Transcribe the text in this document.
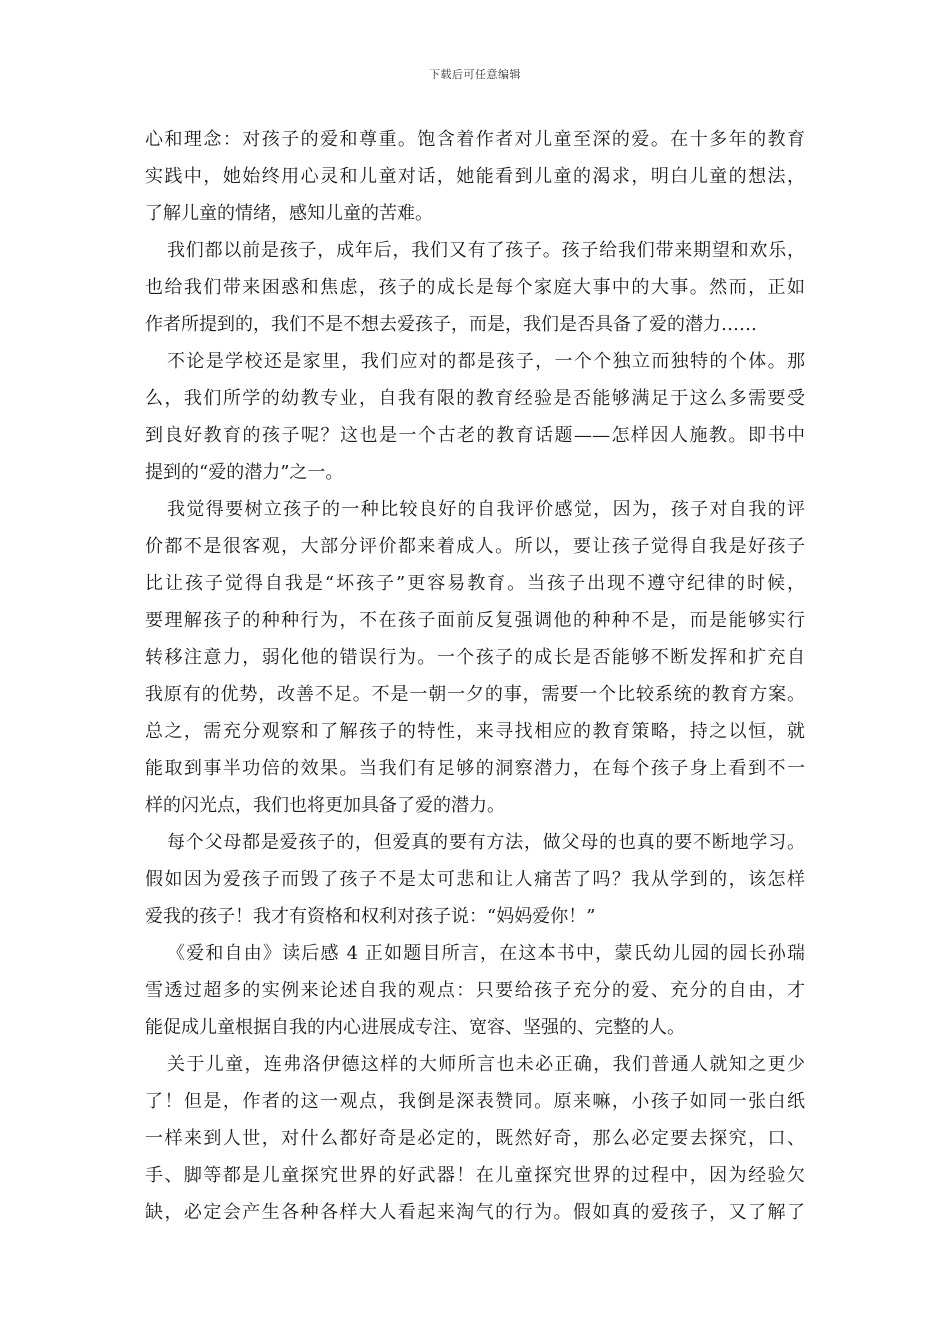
下载后可任意编辑
心和理念：对孩子的爱和尊重。饱含着作者对儿童至深的爱。在十多年的教育
实践中，她始终用心灵和儿童对话，她能看到儿童的渴求，明白儿童的想法，
了解儿童的情绪，感知儿童的苦难。
我们都以前是孩子，成年后，我们又有了孩子。孩子给我们带来期望和欢乐，
也给我们带来困惑和焦虑，孩子的成长是每个家庭大事中的大事。然而，正如
作者所提到的，我们不是不想去爱孩子，而是，我们是否具备了爱的潜力……
不论是学校还是家里，我们应对的都是孩子，一个个独立而独特的个体。那
么，我们所学的幼教专业，自我有限的教育经验是否能够满足于这么多需要受
到良好教育的孩子呢？这也是一个古老的教育话题——怎样因人施教。即书中
提到的“爱的潜力”之一。
我觉得要树立孩子的一种比较良好的自我评价感觉，因为，孩子对自我的评
价都不是很客观，大部分评价都来着成人。所以，要让孩子觉得自我是好孩子
比让孩子觉得自我是“坏孩子”更容易教育。当孩子出现不遵守纪律的时候，
要理解孩子的种种行为，不在孩子面前反复强调他的种种不是，而是能够实行
转移注意力，弱化他的错误行为。一个孩子的成长是否能够不断发挥和扩充自
我原有的优势，改善不足。不是一朝一夕的事，需要一个比较系统的教育方案。
总之，需充分观察和了解孩子的特性，来寻找相应的教育策略，持之以恒，就
能取到事半功倍的效果。当我们有足够的洞察潜力，在每个孩子身上看到不一
样的闪光点，我们也将更加具备了爱的潜力。
每个父母都是爱孩子的，但爱真的要有方法，做父母的也真的要不断地学习。
假如因为爱孩子而毁了孩子不是太可悲和让人痛苦了吗？我从学到的，该怎样
爱我的孩子！我才有资格和权利对孩子说：“妈妈爱你！”
《爱和自由》读后感 4 正如题目所言，在这本书中，蒙氏幼儿园的园长孙瑞
雪透过超多的实例来论述自我的观点：只要给孩子充分的爱、充分的自由，才
能促成儿童根据自我的内心进展成专注、宽容、坚强的、完整的人。
关于儿童，连弗洛伊德这样的大师所言也未必正确，我们普通人就知之更少
了！但是，作者的这一观点，我倒是深表赞同。原来嘛，小孩子如同一张白纸
一样来到人世，对什么都好奇是必定的，既然好奇，那么必定要去探究，口、
手、脚等都是儿童探究世界的好武器！在儿童探究世界的过程中，因为经验欠
缺，必定会产生各种各样大人看起来淘气的行为。假如真的爱孩子，又了解了
